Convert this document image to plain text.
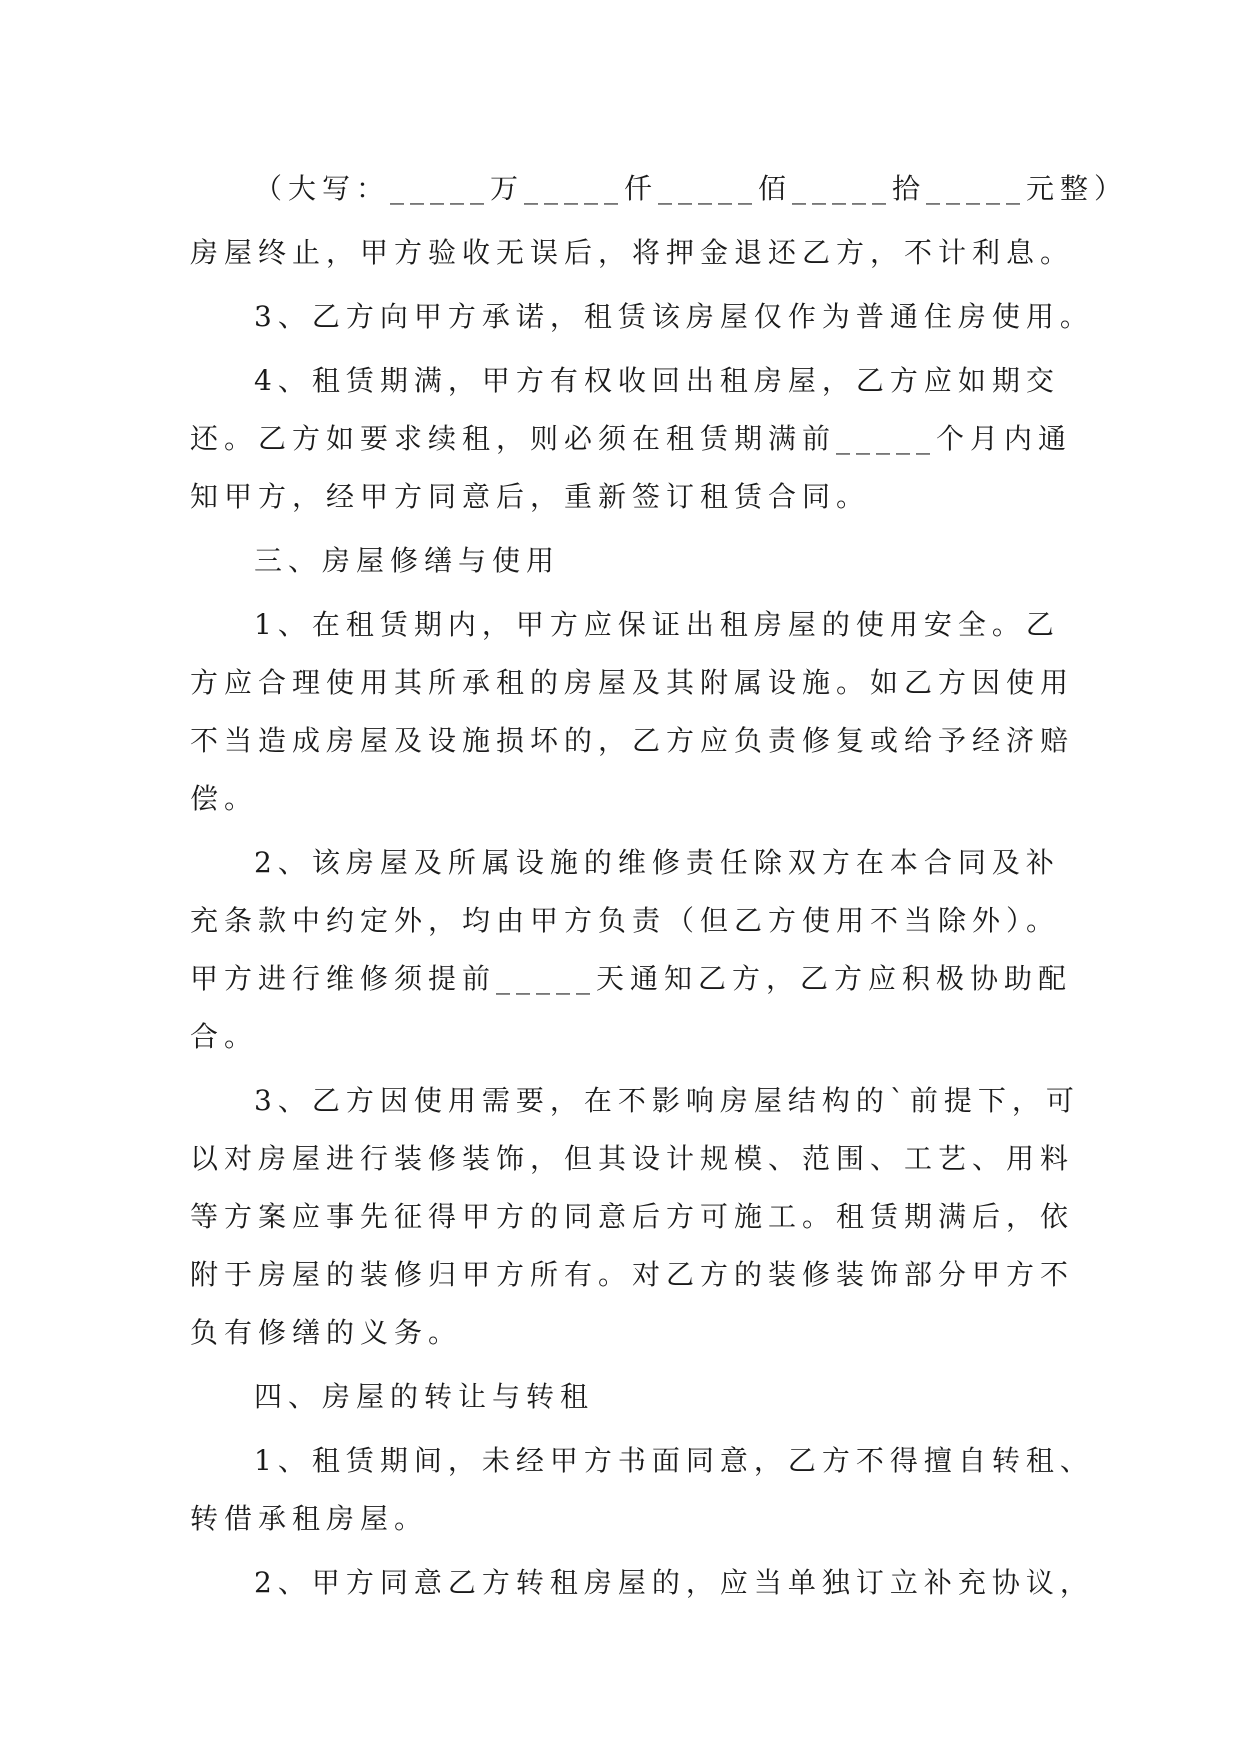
（大写：_____万_____仟_____佰_____拾_____元整）
房屋终止，甲方验收无误后，将押金退还乙方，不计利息。
3、乙方向甲方承诺，租赁该房屋仅作为普通住房使用。
4、租赁期满，甲方有权收回出租房屋，乙方应如期交
还。乙方如要求续租，则必须在租赁期满前_____个月内通
知甲方，经甲方同意后，重新签订租赁合同。
三、房屋修缮与使用
1、在租赁期内，甲方应保证出租房屋的使用安全。乙
方应合理使用其所承租的房屋及其附属设施。如乙方因使用
不当造成房屋及设施损坏的，乙方应负责修复或给予经济赔
偿。
2、该房屋及所属设施的维修责任除双方在本合同及补
充条款中约定外，均由甲方负责（但乙方使用不当除外）。
甲方进行维修须提前_____天通知乙方，乙方应积极协助配
合。
3、乙方因使用需要，在不影响房屋结构的`前提下，可
以对房屋进行装修装饰，但其设计规模、范围、工艺、用料
等方案应事先征得甲方的同意后方可施工。租赁期满后，依
附于房屋的装修归甲方所有。对乙方的装修装饰部分甲方不
负有修缮的义务。
四、房屋的转让与转租
1、租赁期间，未经甲方书面同意，乙方不得擅自转租、
转借承租房屋。
2、甲方同意乙方转租房屋的，应当单独订立补充协议，
